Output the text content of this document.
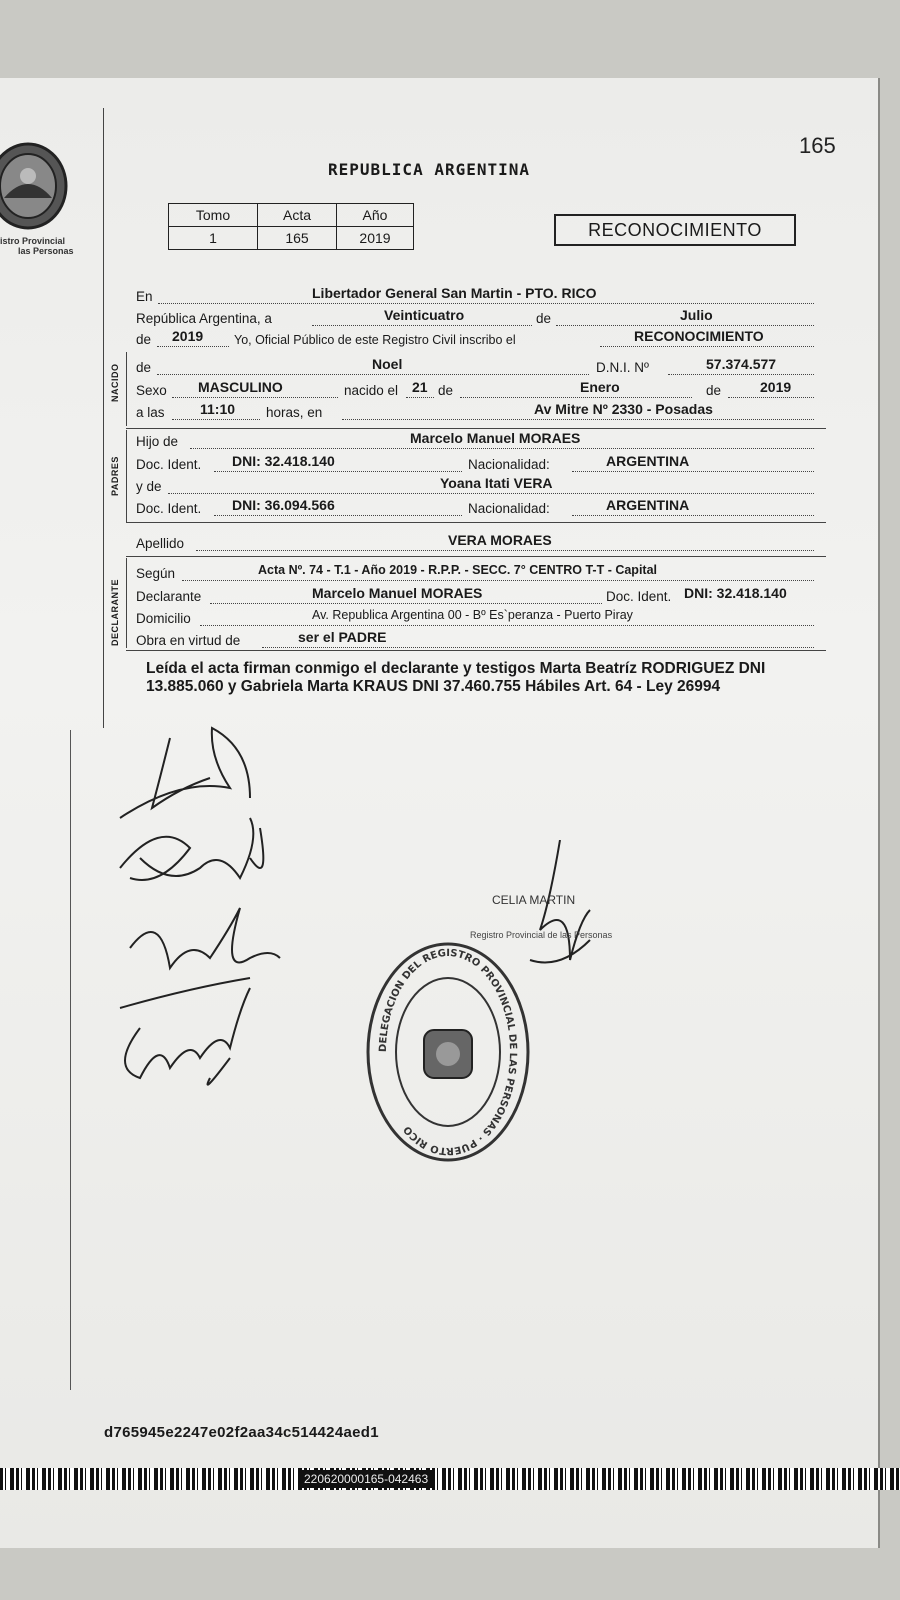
istro Provincial
las Personas
165
REPUBLICA ARGENTINA
Tomo	Acta	Año
1	165	2019	RECONOCIMIENTO
En	Libertador General San Martin - PTO. RICO
República Argentina, a	Veinticuatro	de	Julio
de 2019 Yo, Oficial Público de este Registro Civil inscribo el	RECONOCIMIENTO
NACIDO de	Noel	D.N.I. Nº	57.374.577
Sexo MASCULINO	nacido el 21 de	Enero	de	2019
a las	11:10 horas, en	Av Mitre Nº 2330 - Posadas
PADRES
Hijo de	Marcelo Manuel MORAES
Doc. Ident. DNI: 32.418.140	Nacionalidad:	ARGENTINA
y de	Yoana Itati VERA
Doc. Ident. DNI: 36.094.566	Nacionalidad:	ARGENTINA
Apellido	VERA MORAES
DECLARANTE
Según	Acta Nº. 74 - T.1 - Año 2019 - R.P.P. - SECC. 7° CENTRO T-T - Capital
Declarante	Marcelo Manuel MORAES	Doc. Ident. DNI: 32.418.140
Domicilio	Av. Republica Argentina 00 - Bº Es`peranza - Puerto Piray
Obra en virtud de	ser el PADRE
Leída el acta firman conmigo el declarante y testigos Marta Beatríz RODRIGUEZ DNI 13.885.060 y Gabriela Marta KRAUS DNI 37.460.755 Hábiles Art. 64 - Ley 26994
CELIA MARTIN
Registro Provincial de las Personas
DELEGACION DEL REGISTRO PROVINCIAL DE LAS PERSONAS · PUERTO RICO
d765945e2247e02f2aa34c514424aed1
220620000165-042463
